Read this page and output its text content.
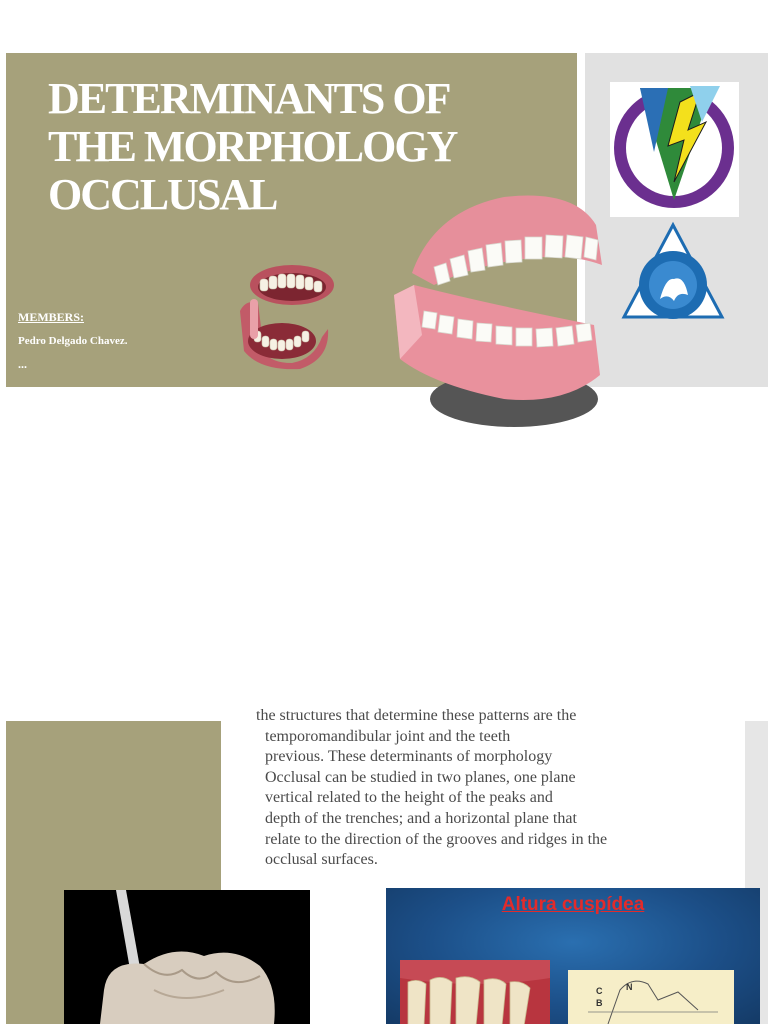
DETERMINANTS OF
THE MORPHOLOGY
OCCLUSAL
MEMBERS:
Pedro Delgado Chavez.
...
the structures that determine these patterns are the
temporomandibular joint and the teeth
previous. These determinants of morphology
Occlusal can be studied in two planes, one plane
vertical related to the height of the peaks and
depth of the trenches; and a horizontal plane that
relate to the direction of the grooves and ridges in the
occlusal surfaces.
Altura cuspídea
C
B
N
